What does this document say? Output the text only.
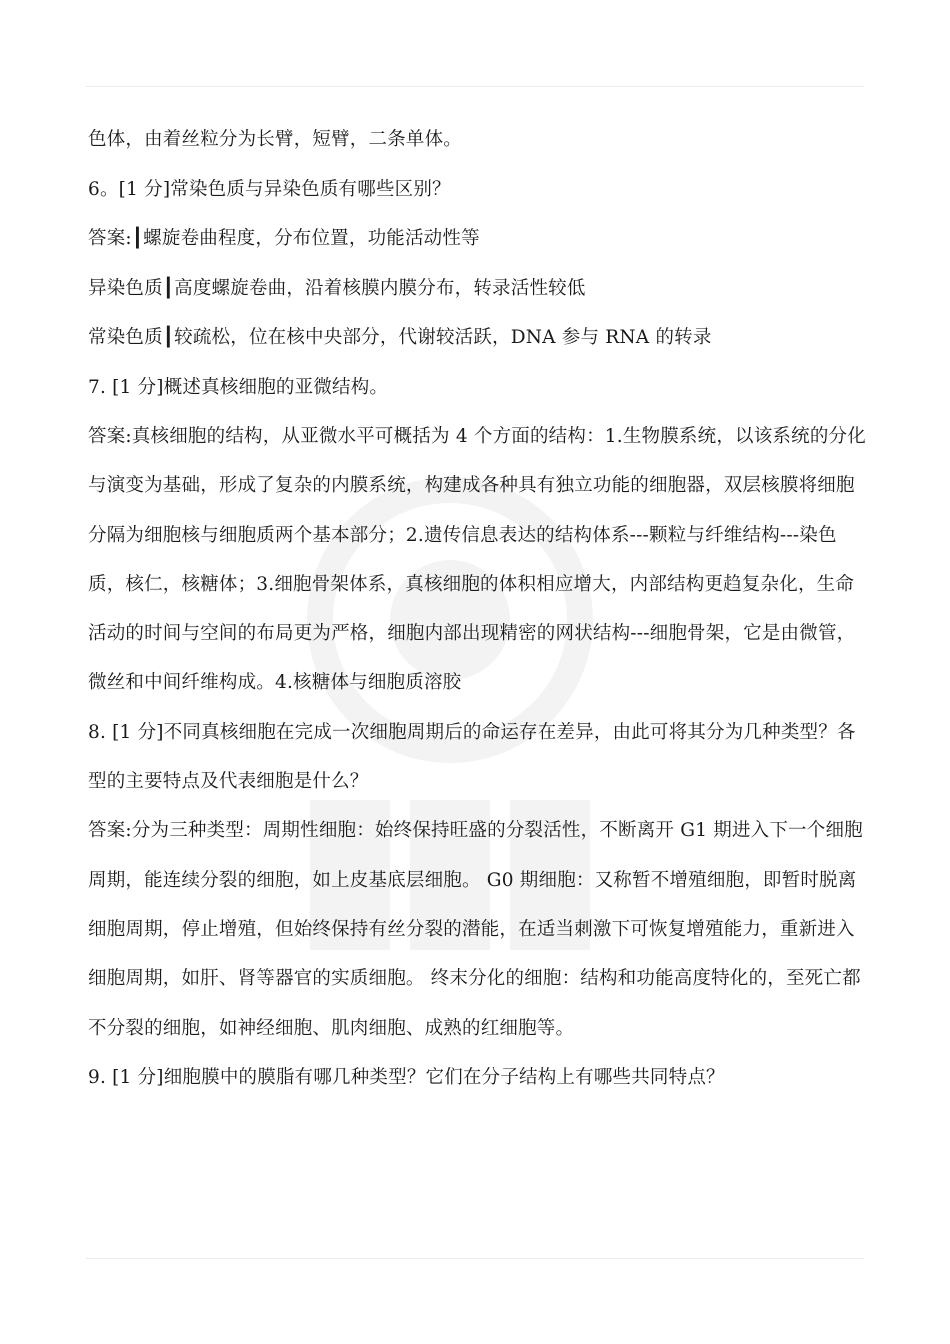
色体，由着丝粒分为长臂，短臂，二条单体。

6。[1 分]常染色质与异染色质有哪些区别？

答案:┃螺旋卷曲程度，分布位置，功能活动性等

异染色质┃高度螺旋卷曲，沿着核膜内膜分布，转录活性较低

常染色质┃较疏松，位在核中央部分，代谢较活跃，DNA 参与 RNA 的转录

7. [1 分]概述真核细胞的亚微结构。

答案:真核细胞的结构，从亚微水平可概括为 4 个方面的结构：1.生物膜系统，以该系统的分化与演变为基础，形成了复杂的内膜系统，构建成各种具有独立功能的细胞器，双层核膜将细胞分隔为细胞核与细胞质两个基本部分；2.遗传信息表达的结构体系---颗粒与纤维结构---染色质，核仁，核糖体；3.细胞骨架体系，真核细胞的体积相应增大，内部结构更趋复杂化，生命活动的时间与空间的布局更为严格，细胞内部出现精密的网状结构---细胞骨架，它是由微管，微丝和中间纤维构成。4.核糖体与细胞质溶胶

8. [1 分]不同真核细胞在完成一次细胞周期后的命运存在差异，由此可将其分为几种类型？各型的主要特点及代表细胞是什么？

答案:分为三种类型：周期性细胞：始终保持旺盛的分裂活性，不断离开 G1 期进入下一个细胞周期，能连续分裂的细胞，如上皮基底层细胞。 G0 期细胞：又称暂不增殖细胞，即暂时脱离细胞周期，停止增殖，但始终保持有丝分裂的潜能，在适当刺激下可恢复增殖能力，重新进入细胞周期，如肝、肾等器官的实质细胞。 终末分化的细胞：结构和功能高度特化的，至死亡都不分裂的细胞，如神经细胞、肌肉细胞、成熟的红细胞等。

9. [1 分]细胞膜中的膜脂有哪几种类型？它们在分子结构上有哪些共同特点？
